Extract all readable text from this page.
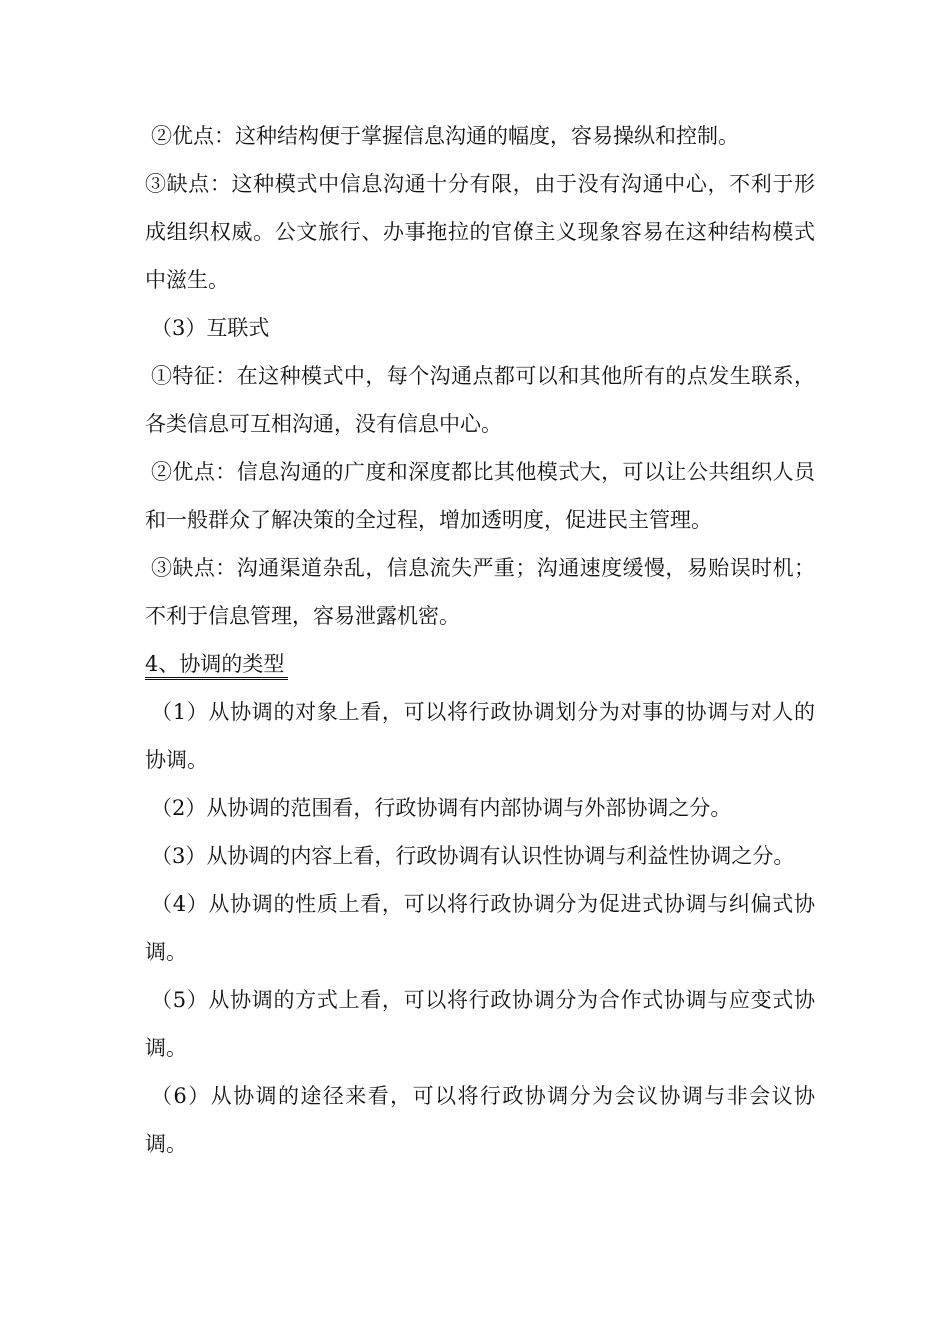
②优点：这种结构便于掌握信息沟通的幅度，容易操纵和控制。

③缺点：这种模式中信息沟通十分有限，由于没有沟通中心，不利于形成组织权威。公文旅行、办事拖拉的官僚主义现象容易在这种结构模式中滋生。

（3）互联式

①特征：在这种模式中，每个沟通点都可以和其他所有的点发生联系，各类信息可互相沟通，没有信息中心。

②优点：信息沟通的广度和深度都比其他模式大，可以让公共组织人员和一般群众了解决策的全过程，增加透明度，促进民主管理。

③缺点：沟通渠道杂乱，信息流失严重；沟通速度缓慢，易贻误时机；不利于信息管理，容易泄露机密。

4、协调的类型

（1）从协调的对象上看，可以将行政协调划分为对事的协调与对人的协调。

（2）从协调的范围看，行政协调有内部协调与外部协调之分。

（3）从协调的内容上看，行政协调有认识性协调与利益性协调之分。

（4）从协调的性质上看，可以将行政协调分为促进式协调与纠偏式协调。

（5）从协调的方式上看，可以将行政协调分为合作式协调与应变式协调。

（6）从协调的途径来看，可以将行政协调分为会议协调与非会议协调。
